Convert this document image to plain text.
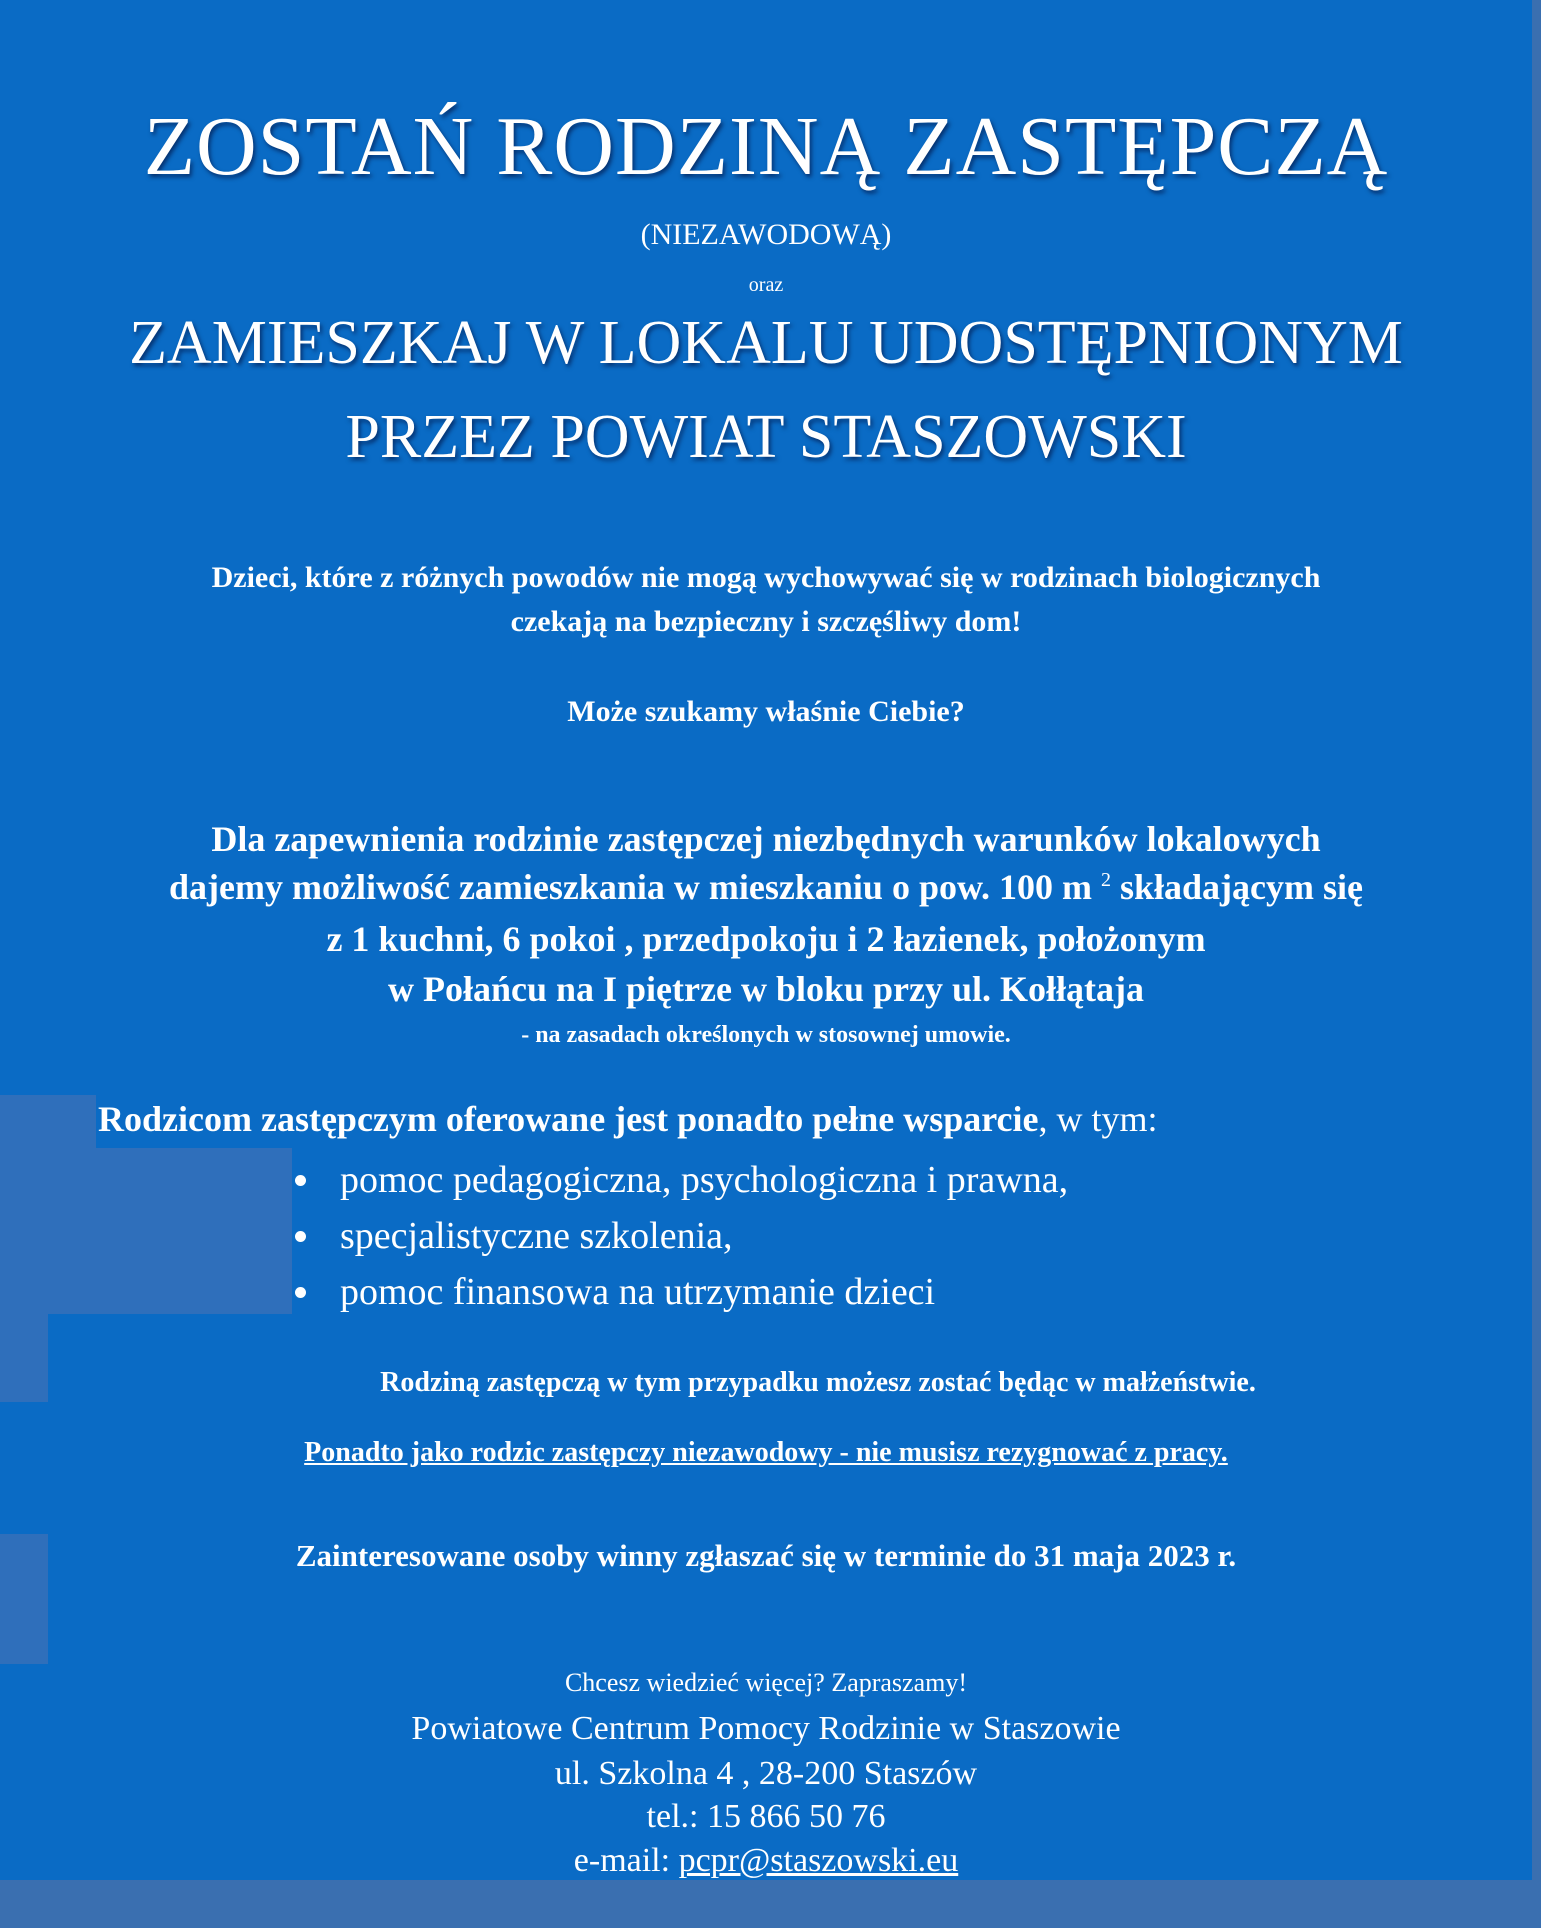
ZOSTAŃ RODZINĄ ZASTĘPCZĄ
(NIEZAWODOWĄ)
oraz
ZAMIESZKAJ W LOKALU UDOSTĘPNIONYM
PRZEZ POWIAT STASZOWSKI
Dzieci, które z różnych powodów nie mogą wychowywać się w rodzinach biologicznych
czekają na bezpieczny i szczęśliwy dom!
Może szukamy właśnie Ciebie?
Dla zapewnienia rodzinie zastępczej niezbędnych warunków lokalowych
dajemy możliwość zamieszkania w mieszkaniu o pow. 100 m $^2$ składającym się
z 1 kuchni, 6 pokoi , przedpokoju i 2 łazienek, położonym
w Połańcu na I piętrze w bloku przy ul. Kołłątaja
- na zasadach określonych w stosownej umowie.
Rodzicom zastępczym oferowane jest ponadto pełne wsparcie, w tym:
pomoc pedagogiczna, psychologiczna i prawna,
specjalistyczne szkolenia,
pomoc finansowa na utrzymanie dzieci
Rodziną zastępczą w tym przypadku możesz zostać będąc w małżeństwie.
Ponadto jako rodzic zastępczy niezawodowy - nie musisz rezygnować z pracy.
Zainteresowane osoby winny zgłaszać się w terminie do 31 maja 2023 r.
Chcesz wiedzieć więcej? Zapraszamy!
Powiatowe Centrum Pomocy Rodzinie w Staszowie
ul. Szkolna 4 , 28-200 Staszów
tel.: 15 866 50 76
e-mail: pcpr@staszowski.eu
